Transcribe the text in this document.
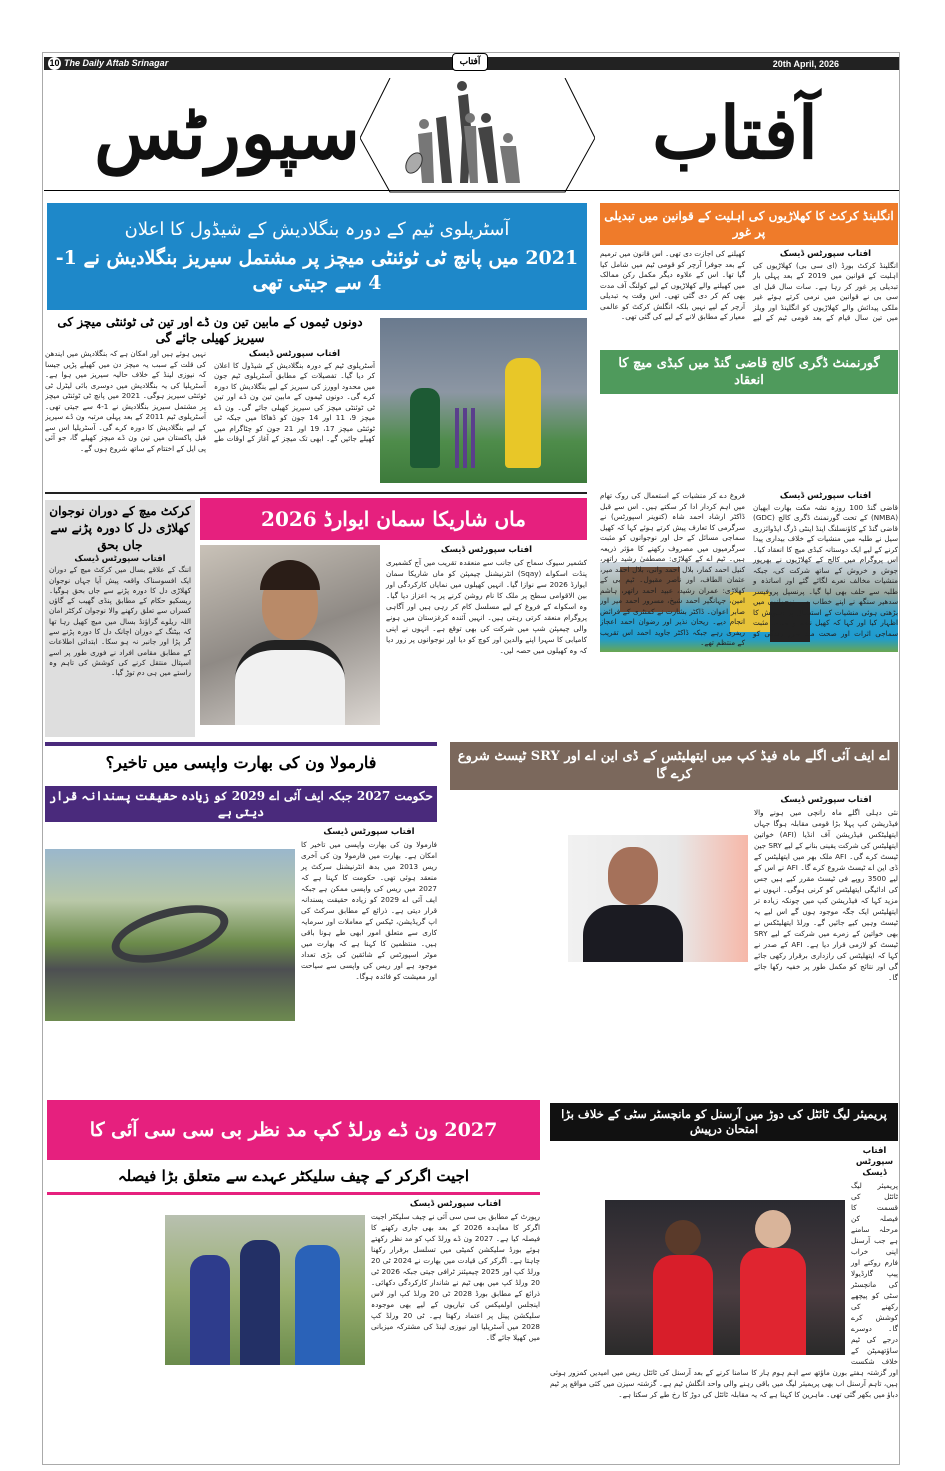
10 The Daily Aftab Srinagar	20th April, 2026
آفتاب
آفتاب
سپورٹس
آسٹریلوی ٹیم کے دورہ بنگلادیش کے شیڈول کا اعلان
2021 میں پانچ ٹی ٹوئنٹی میچز پر مشتمل سیریز بنگلادیش نے 1- 4 سے جیتی تھی
دونوں ٹیموں کے مابین تین ون ڈے اور تین ٹی ٹوئنٹی میچز کی سیریز کھیلی جائے گی
آفتاب سپورٹس ڈیسک
آسٹریلوی ٹیم کے دورہ بنگلادیش کے شیڈول کا اعلان کر دیا گیا۔ تفصیلات کے مطابق آسٹریلوی ٹیم جون میں محدود اوورز کی سیریز کے لیے بنگلادیش کا دورہ کرے گی۔ دونوں ٹیموں کے مابین تین ون ڈے اور تین ٹی ٹوئنٹی میچز کی سیریز کھیلی جائے گی۔ ون ڈے میچز 9، 11 اور 14 جون کو ڈھاکا میں جبکہ ٹی ٹوئنٹی میچز 17، 19 اور 21 جون کو چٹاگرام میں کھیلے جائیں گے۔ ابھی تک میچز کے آغاز کے اوقات طے نہیں ہوئے ہیں اور امکان ہے کہ بنگلادیش میں ایندھن کی قلت کے سبب یہ میچز دن میں کھیلے پڑیں جیسا کہ نیوزی لینڈ کے خلاف حالیہ سیریز میں ہوا ہے۔ آسٹریلیا کی یہ بنگلادیش میں دوسری بائی لیٹرل ٹی ٹوئنٹی سیریز ہوگی۔ 2021 میں پانچ ٹی ٹوئنٹی میچز پر مشتمل سیریز بنگلادیش نے 1-4 سے جیتی تھی۔ آسٹریلوی ٹیم 2011 کے بعد پہلی مرتبہ ون ڈے سیریز کے لیے بنگلادیش کا دورہ کرے گی۔ آسٹریلیا اس سے قبل پاکستان میں تین ون ڈے میچز کھیلے گا، جو آئی پی ایل کے اختتام کے ساتھ شروع ہوں گے۔
انگلینڈ کرکٹ کا کھلاڑیوں کی اہلیت کے قوانین میں تبدیلی پر غور
آفتاب سپورٹس ڈیسک
انگلینڈ کرکٹ بورڈ (ای سی بی) کھلاڑیوں کی اہلیت کے قوانین میں 2019 کے بعد پہلی بار تبدیلی پر غور کر رہا ہے۔ سات سال قبل ای سی بی نے قوانین میں نرمی کرتے ہوئے غیر ملکی پیدائش والے کھلاڑیوں کو انگلینڈ اور ویلز میں تین سال قیام کے بعد قومی ٹیم کے لیے کھیلنے کی اجازت دی تھی۔ اس قانون میں ترمیم کے بعد جوفرا آرچر کو قومی ٹیم میں شامل کیا گیا تھا۔ اس کے علاوہ دیگر مکمل رکن ممالک میں کھیلنے والے کھلاڑیوں کے لیے کولنگ آف مدت بھی کم کر دی گئی تھی۔ اس وقت یہ تبدیلی آرچر کے لیے نہیں بلکہ انگلش کرکٹ کو عالمی معیار کے مطابق لانے کے لیے کی گئی تھی۔
گورنمنٹ ڈگری کالج قاضی گنڈ میں کبڈی میچ کا انعقاد
آفتاب سپورٹس ڈیسک
قاضی گنڈ 100 روزہ نشہ مکت بھارت ابھیان (NMBA) کے تحت گورنمنٹ ڈگری کالج (GDC) قاضی گنڈ کے کاؤنسلنگ اینڈ اینٹی ڈرگ ایڈوائزری سیل نے طلبہ میں منشیات کے خلاف بیداری پیدا کرنے کے لیے ایک دوستانہ کبڈی میچ کا انعقاد کیا۔ اس پروگرام میں کالج کے کھلاڑیوں نے بھرپور جوش و خروش کے ساتھ شرکت کی، جبکہ منشیات مخالف نعرے لگائے گئے اور اساتذہ و طلبہ سے حلف بھی لیا گیا۔ پرنسپل پروفیسر سدھیر سنگھ نے اپنے خطاب میں نوجوانوں میں بڑھتی ہوئی منشیات کے استعمال پر تشویش کا اظہار کیا اور کہا کہ کھیل نظم و ضبط، مثبت سماجی اثرات اور صحت مند طرز زندگی کو فروغ دے کر منشیات کے استعمال کی روک تھام میں اہم کردار ادا کر سکتے ہیں۔ اس سے قبل ڈاکٹر ارشاد احمد شاہ (کنوینر اسپورٹس) نے سرگرمی کا تعارف پیش کرتے ہوئے کہا کہ کھیل سماجی مسائل کے حل اور نوجوانوں کو مثبت سرگرمیوں میں مصروف رکھنے کا مؤثر ذریعہ ہیں۔ ٹیم اے کے کھلاڑی: مصطفیٰ رشید راتھر، کنیل احمد کمار، بلال احمد وانی، بلال احمد میر، عثمان الطاف، اور ناصر مقبول۔ ٹیم بی کے کھلاڑی: عمران رشید، عبید احمد راتھر، ہاشم امین، جہانگیر احمد شیخ، مسرور احمد میر اور صابر اعوان۔ ڈاکٹر بشارت نے کمنٹری کے فرائض انجام دیے۔ ریحان نذیر اور رضوان احمد اعجاز ریفری رہے جبکہ ڈاکٹر جاوید احمد اس تقریب کے منتظم تھے۔
کرکٹ میچ کے دوران نوجوان کھلاڑی دل کا دورہ پڑنے سے جاں بحق
آفتاب سپورٹس ڈیسک
اننگ کے علاقے بسال میں کرکٹ میچ کے دوران ایک افسوسناک واقعہ پیش آیا جہاں نوجوان کھلاڑی دل کا دورہ پڑنے سے جاں بحق ہوگیا۔ ریسکیو حکام کے مطابق پنڈی گھیب کے گاؤں کسراں سے تعلق رکھنے والا نوجوان کرکٹر امان اللہ ریلوے گراؤنڈ بسال میں میچ کھیل رہا تھا کہ بیٹنگ کے دوران اچانک دل کا دورہ پڑنے سے گر پڑا اور جانبر نہ ہو سکا۔ ابتدائی اطلاعات کے مطابق مقامی افراد نے فوری طور پر اسے اسپتال منتقل کرنے کی کوشش کی تاہم وہ راستے میں ہی دم توڑ گیا۔
ماں شاریکا سمان ایوارڈ 2026
آفتاب سپورٹس ڈیسک
کشمیر سیوک سماج کی جانب سے منعقدہ تقریب میں آج کشمیری پنڈت اسکواے (Sqay) انٹرنیشنل چیمپئن کو ماں شاریکا سمان ایوارڈ 2026 سے نوازا گیا۔ انہیں کھیلوں میں نمایاں کارکردگی اور بین الاقوامی سطح پر ملک کا نام روشن کرنے پر یہ اعزاز دیا گیا۔ وہ اسکواے کے فروغ کے لیے مسلسل کام کر رہی ہیں اور آگاہی پروگرام منعقد کرتی رہتی ہیں۔ انہیں آئندہ کرغزستان میں ہونے والی چیمپئن شپ میں شرکت کی بھی توقع ہے۔ انہوں نے اپنی کامیابی کا سہرا اپنے والدین اور کوچ کو دیا اور نوجوانوں پر زور دیا کہ وہ کھیلوں میں حصہ لیں۔
فارمولا ون کی بھارت واپسی میں تاخیر؟
حکومت 2027 جبکہ ایف آئی اے 2029 کو زیادہ حقیقت پسندانہ قرار دیتی ہے
آفتاب سپورٹس ڈیسک
فارمولا ون کی بھارت واپسی میں تاخیر کا امکان ہے۔ بھارت میں فارمولا ون کی آخری ریس 2013 میں بدھ انٹرنیشنل سرکٹ پر منعقد ہوئی تھی۔ حکومت کا کہنا ہے کہ 2027 میں ریس کی واپسی ممکن ہے جبکہ ایف آئی اے 2029 کو زیادہ حقیقت پسندانہ قرار دیتی ہے۔ ذرائع کے مطابق سرکٹ کی اپ گریڈیشن، ٹیکس کے معاملات اور سرمایہ کاری سے متعلق امور ابھی طے ہونا باقی ہیں۔ منتظمین کا کہنا ہے کہ بھارت میں موٹر اسپورٹس کے شائقین کی بڑی تعداد موجود ہے اور ریس کی واپسی سے سیاحت اور معیشت کو فائدہ ہوگا۔
اے ایف آئی اگلے ماہ فیڈ کپ میں ایتھلیٹس کے ڈی این اے اور SRY ٹیسٹ شروع کرے گا
آفتاب سپورٹس ڈیسک
نئی دہلی اگلے ماہ رانچی میں ہونے والا فیڈریشن کپ پہلا بڑا قومی مقابلہ ہوگا جہاں ایتھلیٹکس فیڈریشن آف انڈیا (AFI) خواتین ایتھلیٹس کی شرکت یقینی بنانے کے لیے SRY جین ٹیسٹ کرے گی۔ AFI ملک بھر میں ایتھلیٹس کے ڈی این اے ٹیسٹ شروع کرے گا۔ AFI نے اس کے لیے 3500 روپے فی ٹیسٹ مقرر کیے ہیں جس کی ادائیگی ایتھلیٹس کو کرنی ہوگی۔ انہوں نے مزید کہا کہ فیڈریشن کپ میں چونکہ زیادہ تر ایتھلیٹس ایک جگہ موجود ہوں گے اس لیے یہ ٹیسٹ وہیں کیے جائیں گے۔ ورلڈ ایتھلیٹکس نے بھی خواتین کے زمرے میں شرکت کے لیے SRY ٹیسٹ کو لازمی قرار دیا ہے۔ AFI کے صدر نے کہا کہ ایتھلیٹس کی رازداری برقرار رکھی جائے گی اور نتائج کو مکمل طور پر خفیہ رکھا جائے گا۔
2027 ون ڈے ورلڈ کپ مد نظر بی سی سی آئی کا
اجیت اگرکر کے چیف سلیکٹر عہدے سے متعلق بڑا فیصلہ
آفتاب سپورٹس ڈیسک
رپورٹ کے مطابق بی سی سی آئی نے چیف سلیکٹر اجیت اگرکر کا معاہدہ 2026 کے بعد بھی جاری رکھنے کا فیصلہ کیا ہے۔ 2027 ون ڈے ورلڈ کپ کو مد نظر رکھتے ہوئے بورڈ سلیکشن کمیٹی میں تسلسل برقرار رکھنا چاہتا ہے۔ اگرکر کی قیادت میں بھارت نے 2024 ٹی 20 ورلڈ کپ اور 2025 چیمپئنز ٹرافی جیتی جبکہ 2026 ٹی 20 ورلڈ کپ میں بھی ٹیم نے شاندار کارکردگی دکھائی۔ ذرائع کے مطابق بورڈ 2028 ٹی 20 ورلڈ کپ اور لاس اینجلس اولمپکس کی تیاریوں کے لیے بھی موجودہ سلیکشن پینل پر اعتماد رکھتا ہے۔ ٹی 20 ورلڈ کپ 2028 میں آسٹریلیا اور نیوزی لینڈ کی مشترکہ میزبانی میں کھیلا جائے گا۔
پریمیئر لیگ ٹائٹل کی دوڑ میں آرسنل کو مانچسٹر سٹی کے خلاف بڑا امتحان درپیش
آفتاب سپورٹس ڈیسک
پریمیئر لیگ ٹائٹل کی قسمت کا فیصلہ کن مرحلہ سامنے ہے جب آرسنل اپنی خراب فارم روکنے اور پیپ گارڈیولا کی مانچسٹر سٹی کو پیچھے رکھنے کی کوشش کرے گا۔ دوسرے درجے کی ٹیم ساؤتھمپٹن کے خلاف شکست اور گزشتہ ہفتے بورن ماؤتھ سے اہم ہوم ہار کا سامنا کرنے کے بعد آرسنل کی ٹائٹل ریس میں امیدیں کمزور ہوئی ہیں، تاہم آرسنل اب بھی پریمیئر لیگ میں باقی رہنے والی واحد انگلش ٹیم ہے۔ گزشتہ سیزن میں کئی مواقع پر ٹیم دباؤ میں بکھر گئی تھی۔ ماہرین کا کہنا ہے کہ یہ مقابلہ ٹائٹل کی دوڑ کا رخ طے کر سکتا ہے۔
